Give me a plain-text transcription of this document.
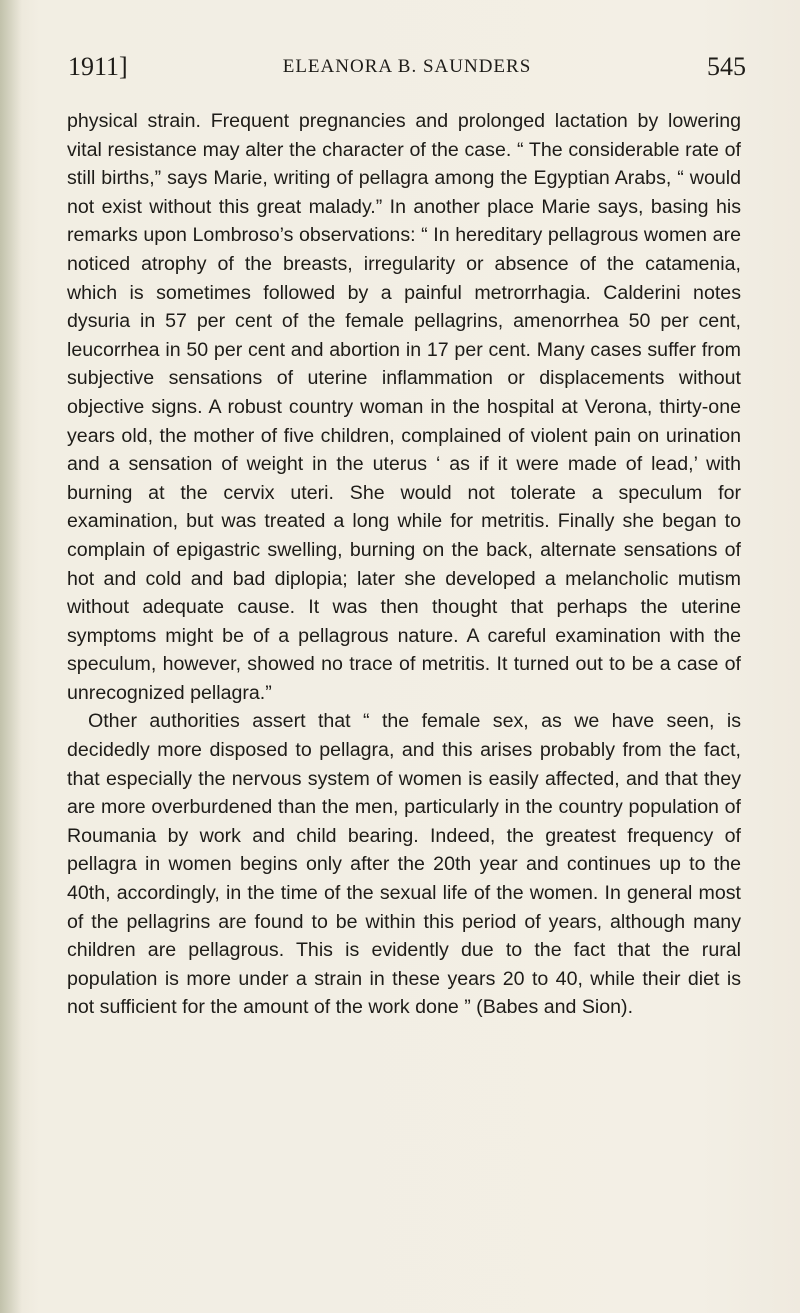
1911]	ELEANORA B. SAUNDERS	545

physical strain. Frequent pregnancies and prolonged lactation by lowering vital resistance may alter the character of the case. “ The considerable rate of still births,” says Marie, writing of pellagra among the Egyptian Arabs, “ would not exist without this great malady.” In another place Marie says, basing his remarks upon Lombroso’s observations: “ In hereditary pellagrous women are noticed atrophy of the breasts, irregularity or absence of the catamenia, which is sometimes followed by a painful metrorrhagia. Calderini notes dysuria in 57 per cent of the female pellagrins, amenorrhea 50 per cent, leucorrhea in 50 per cent and abortion in 17 per cent. Many cases suffer from subjective sensations of uterine inflammation or displacements without objective signs. A robust country woman in the hospital at Verona, thirty-one years old, the mother of five children, complained of violent pain on urination and a sensation of weight in the uterus ‘ as if it were made of lead,’ with burning at the cervix uteri. She would not tolerate a speculum for examination, but was treated a long while for metritis. Finally she began to complain of epigastric swelling, burning on the back, alternate sensations of hot and cold and bad diplopia; later she developed a melancholic mutism without adequate cause. It was then thought that perhaps the uterine symptoms might be of a pellagrous nature. A careful examination with the speculum, however, showed no trace of metritis. It turned out to be a case of unrecognized pellagra.”

Other authorities assert that “ the female sex, as we have seen, is decidedly more disposed to pellagra, and this arises probably from the fact, that especially the nervous system of women is easily affected, and that they are more overburdened than the men, particularly in the country population of Roumania by work and child bearing. Indeed, the greatest frequency of pellagra in women begins only after the 20th year and continues up to the 40th, accordingly, in the time of the sexual life of the women. In general most of the pellagrins are found to be within this period of years, although many children are pellagrous. This is evidently due to the fact that the rural population is more under a strain in these years 20 to 40, while their diet is not sufficient for the amount of the work done ” (Babes and Sion).
